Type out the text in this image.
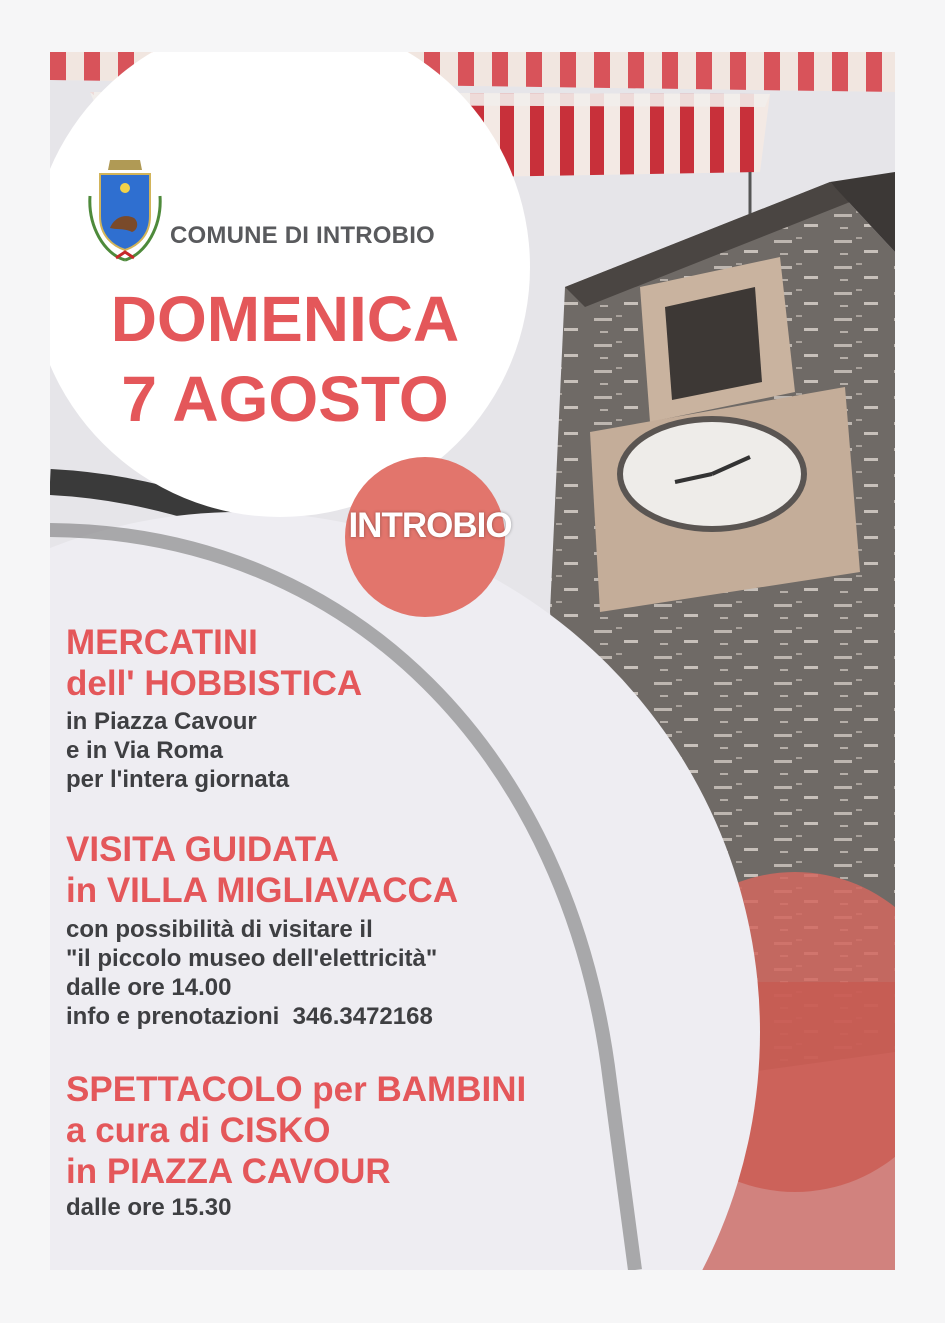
COMUNE DI INTROBIO
DOMENICA
7 AGOSTO
INTROBIO
MERCATINI
dell' HOBBISTICA
in Piazza Cavour
e in Via Roma
per l'intera giornata
VISITA GUIDATA
in VILLA MIGLIAVACCA
con possibilità di visitare il
"il piccolo museo dell'elettricità"
dalle ore 14.00
info e prenotazioni  346.3472168
SPETTACOLO per BAMBINI
a cura di CISKO
in PIAZZA CAVOUR
dalle ore 15.30
